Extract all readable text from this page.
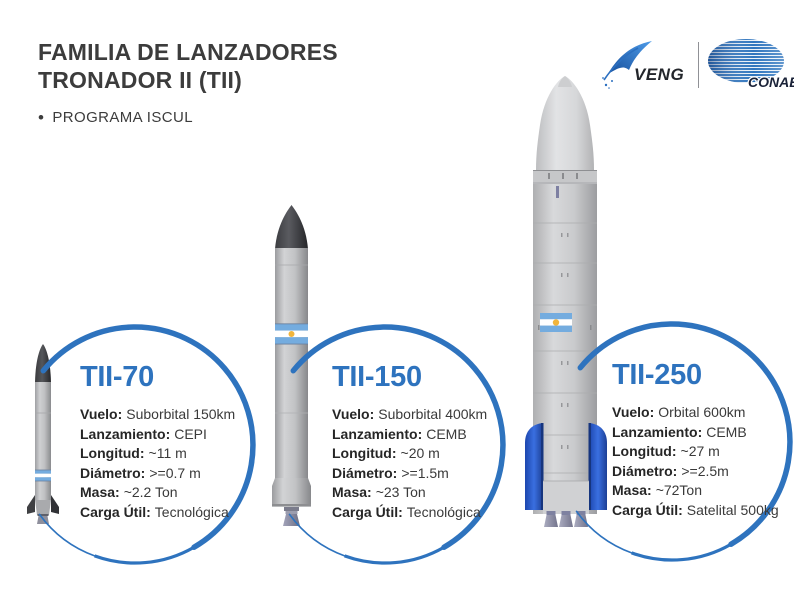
FAMILIA DE LANZADORES
TRONADOR II (TII)
• PROGRAMA ISCUL
VENG	CONAE
TII-70
Vuelo: Suborbital 150km
Lanzamiento: CEPI
Longitud: ~11 m
Diámetro: >=0.7 m
Masa: ~2.2 Ton
Carga Útil: Tecnológica
TII-150
Vuelo: Suborbital 400km
Lanzamiento: CEMB
Longitud: ~20 m
Diámetro: >=1.5m
Masa: ~23 Ton
Carga Útil: Tecnológica
TII-250
Vuelo: Orbital 600km
Lanzamiento: CEMB
Longitud: ~27 m
Diámetro: >=2.5m
Masa: ~72Ton
Carga Útil: Satelital 500kg
